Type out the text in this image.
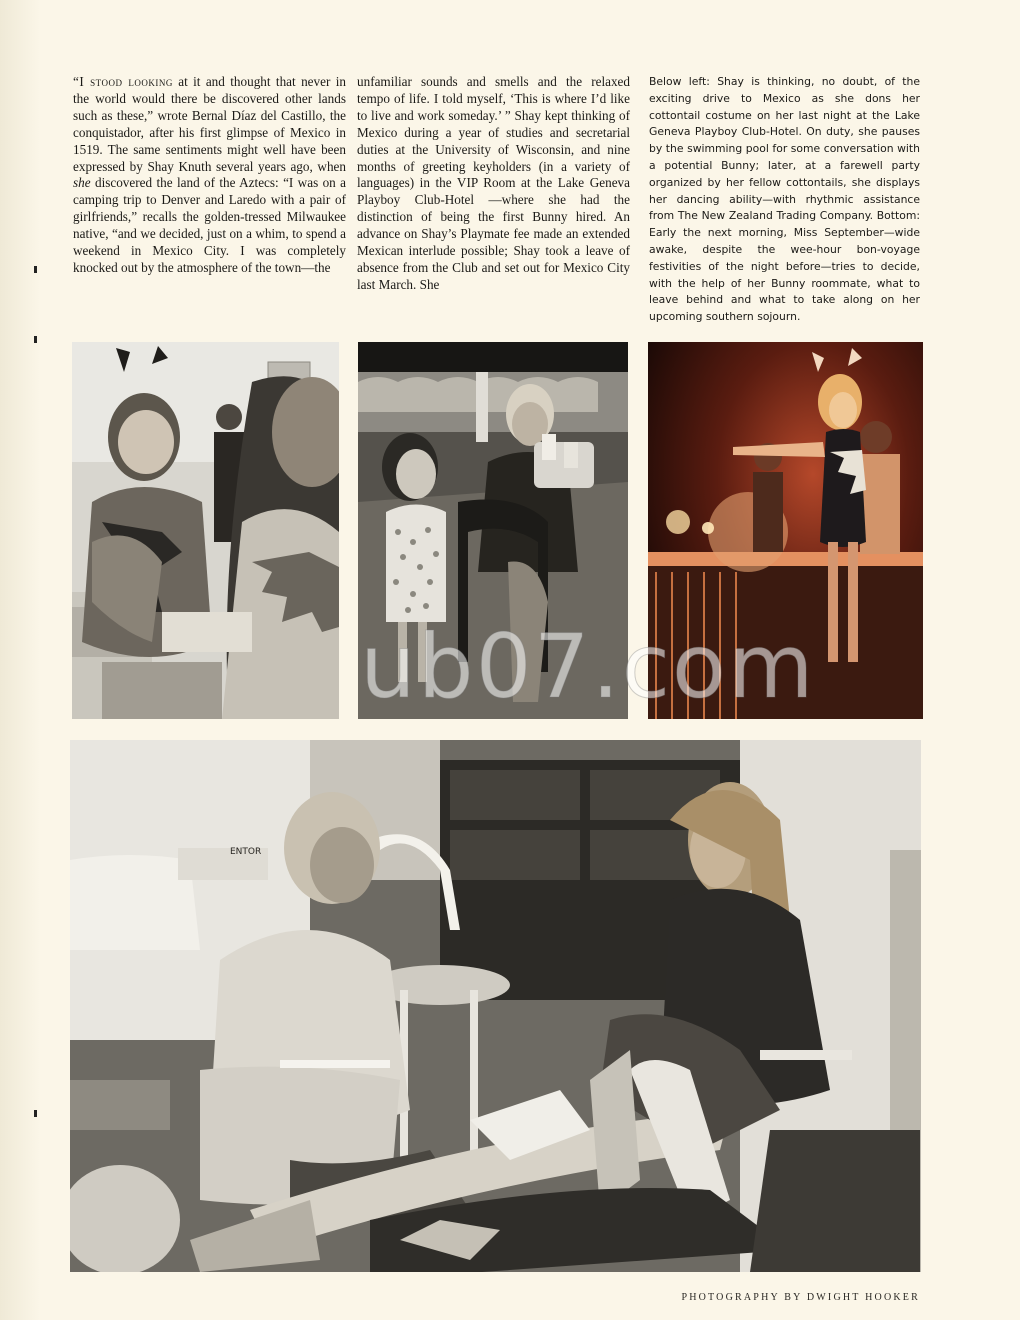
“I stood looking at it and thought that never in the world would there be discovered other lands such as these,” wrote Bernal Díaz del Castillo, the conquistador, after his first glimpse of Mexico in 1519. The same sentiments might well have been expressed by Shay Knuth several years ago, when she discovered the land of the Aztecs: “I was on a camping trip to Denver and Laredo with a pair of girlfriends,” recalls the golden-tressed Milwaukee native, “and we decided, just on a whim, to spend a weekend in Mexico City. I was completely knocked out by the atmosphere of the town—the

unfamiliar sounds and smells and the relaxed tempo of life. I told myself, ‘This is where I’d like to live and work someday.’ ” Shay kept thinking of Mexico during a year of studies and secretarial duties at the University of Wisconsin, and nine months of greeting keyholders (in a variety of languages) in the VIP Room at the Lake Geneva Playboy Club-Hotel —where she had the distinction of being the first Bunny hired. An advance on Shay’s Playmate fee made an extended Mexican interlude possible; Shay took a leave of absence from the Club and set out for Mexico City last March. She

Below left: Shay is thinking, no doubt, of the exciting drive to Mexico as she dons her cottontail costume on her last night at the Lake Geneva Playboy Club-Hotel. On duty, she pauses by the swimming pool for some conversation with a potential Bunny; later, at a farewell party organized by her fellow cottontails, she displays her dancing ability—with rhythmic assistance from The New Zealand Trading Company. Bottom: Early the next morning, Miss September—wide awake, despite the wee-hour bon-voyage festivities of the night before—tries to decide, with the help of her Bunny roommate, what to leave behind and what to take along on her upcoming southern sojourn.

ENTOR
ub07.com
PHOTOGRAPHY BY DWIGHT HOOKER
